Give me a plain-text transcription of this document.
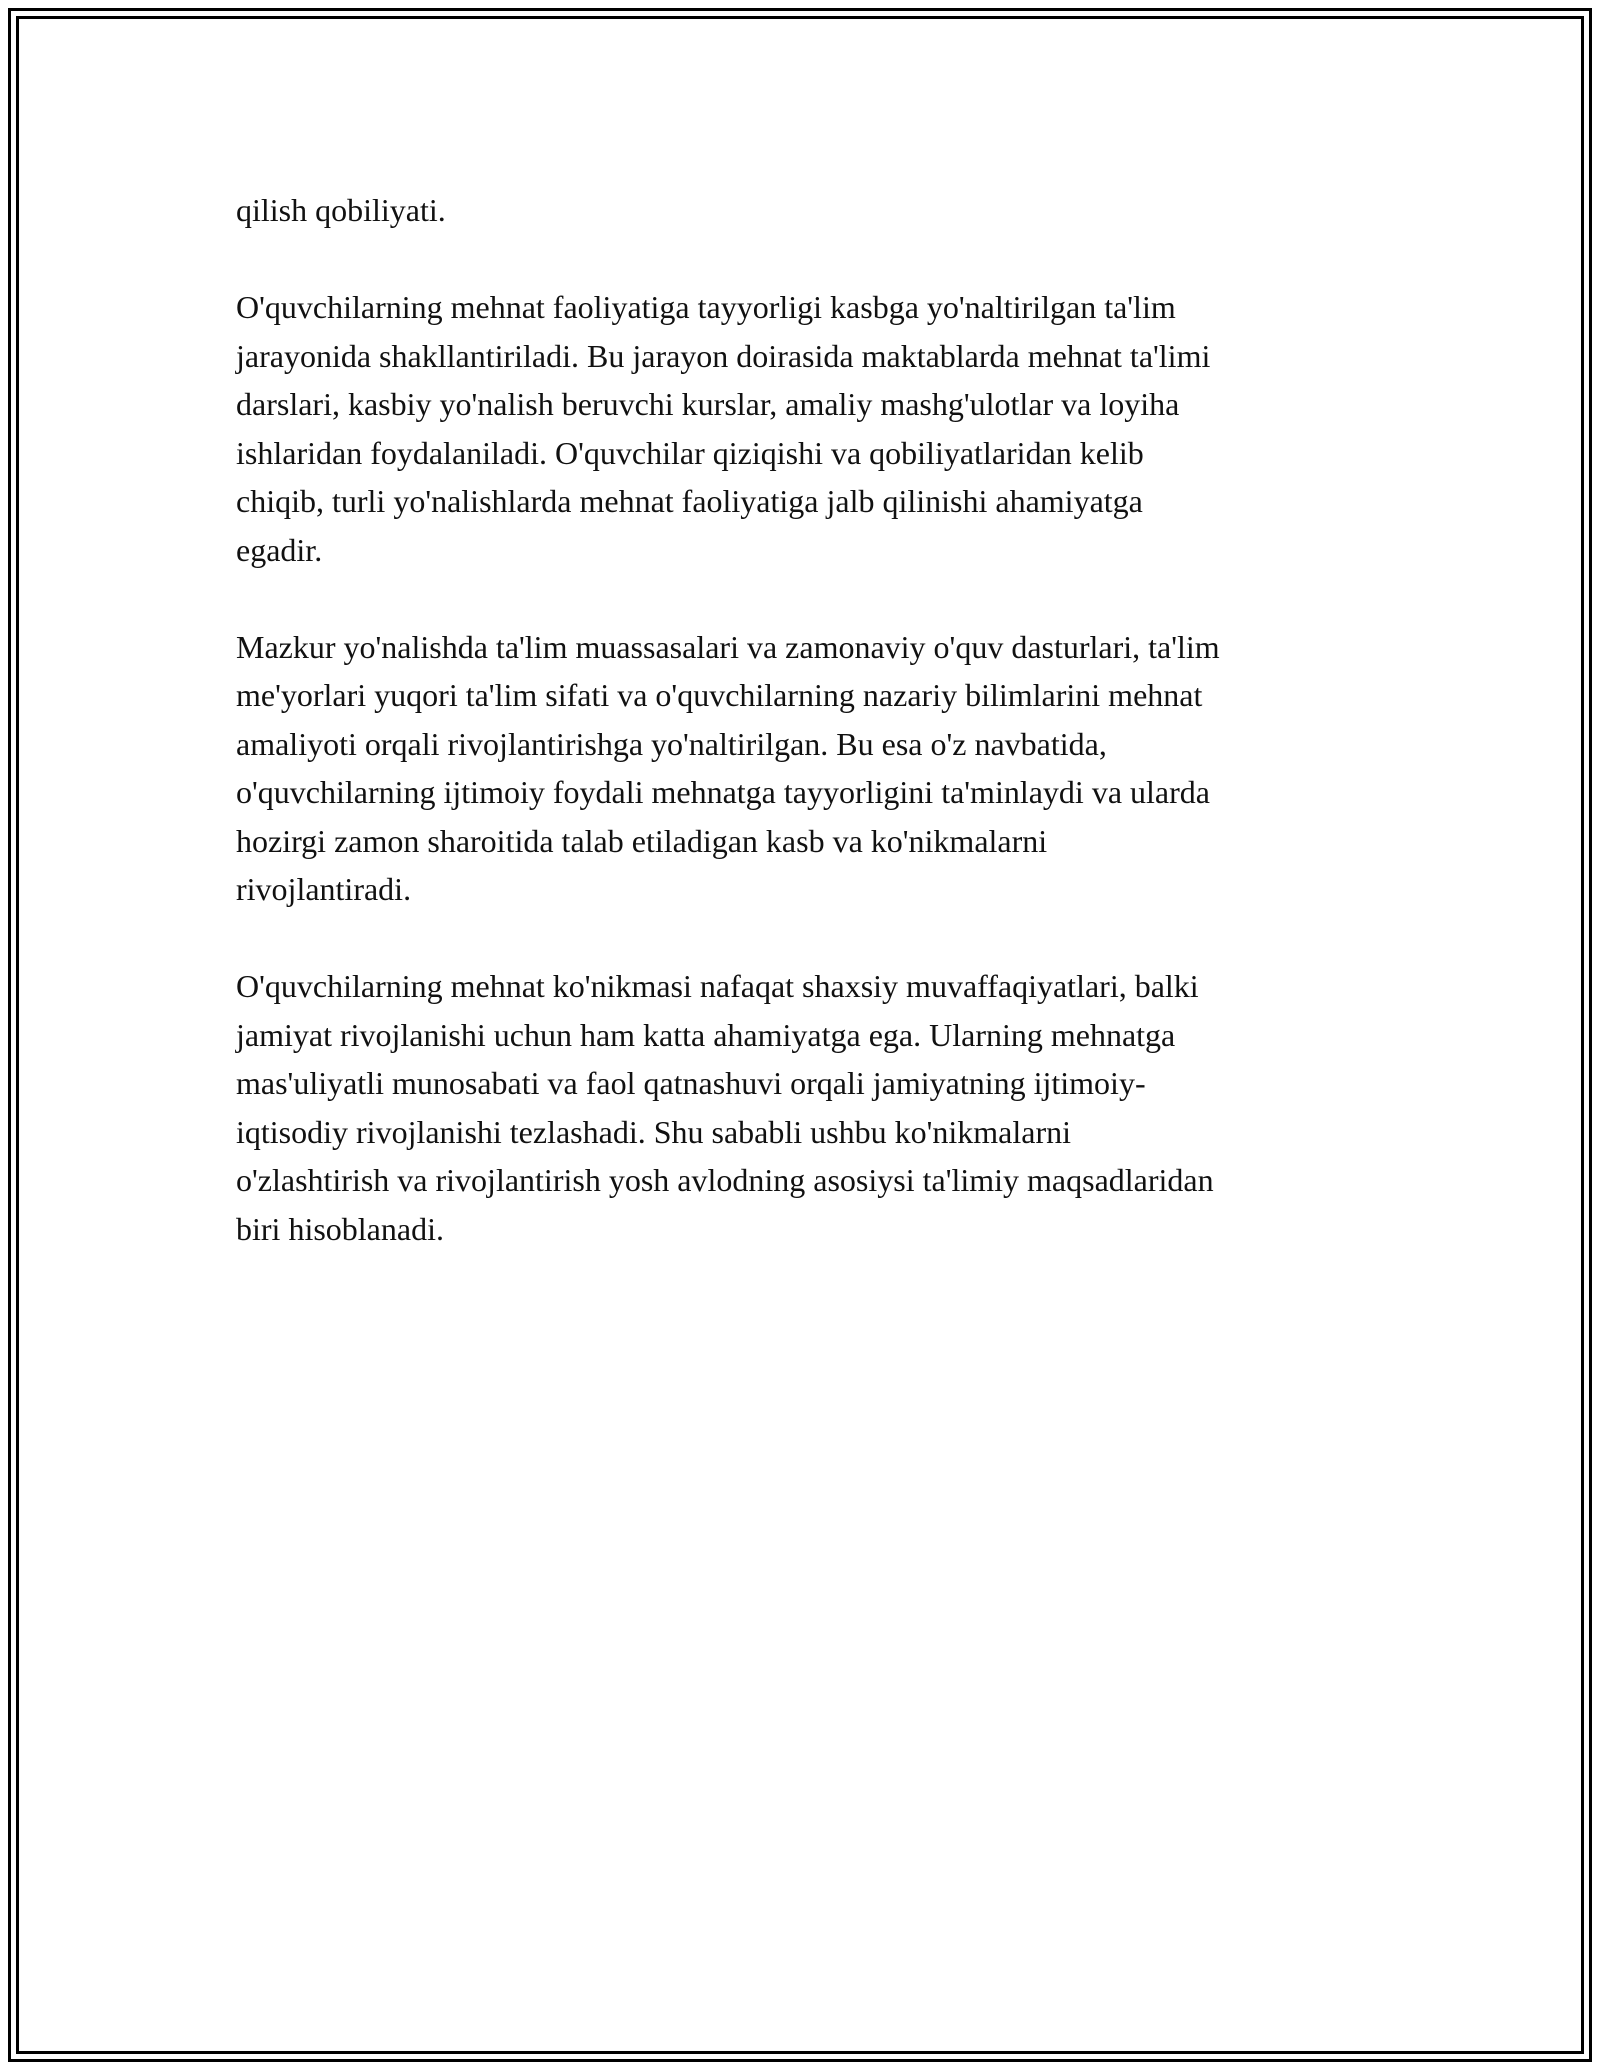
qilish qobiliyati.

O'quvchilarning mehnat faoliyatiga tayyorligi kasbga yo'naltirilgan ta'lim
jarayonida shakllantiriladi. Bu jarayon doirasida maktablarda mehnat ta'limi
darslari, kasbiy yo'nalish beruvchi kurslar, amaliy mashg'ulotlar va loyiha
ishlaridan foydalaniladi. O'quvchilar qiziqishi va qobiliyatlaridan kelib
chiqib, turli yo'nalishlarda mehnat faoliyatiga jalb qilinishi ahamiyatga
egadir.

Mazkur yo'nalishda ta'lim muassasalari va zamonaviy o'quv dasturlari, ta'lim
me'yorlari yuqori ta'lim sifati va o'quvchilarning nazariy bilimlarini mehnat
amaliyoti orqali rivojlantirishga yo'naltirilgan. Bu esa o'z navbatida,
o'quvchilarning ijtimoiy foydali mehnatga tayyorligini ta'minlaydi va ularda
hozirgi zamon sharoitida talab etiladigan kasb va ko'nikmalarni
rivojlantiradi.

O'quvchilarning mehnat ko'nikmasi nafaqat shaxsiy muvaffaqiyatlari, balki
jamiyat rivojlanishi uchun ham katta ahamiyatga ega. Ularning mehnatga
mas'uliyatli munosabati va faol qatnashuvi orqali jamiyatning ijtimoiy-
iqtisodiy rivojlanishi tezlashadi. Shu sababli ushbu ko'nikmalarni
o'zlashtirish va rivojlantirish yosh avlodning asosiysi ta'limiy maqsadlaridan
biri hisoblanadi.
